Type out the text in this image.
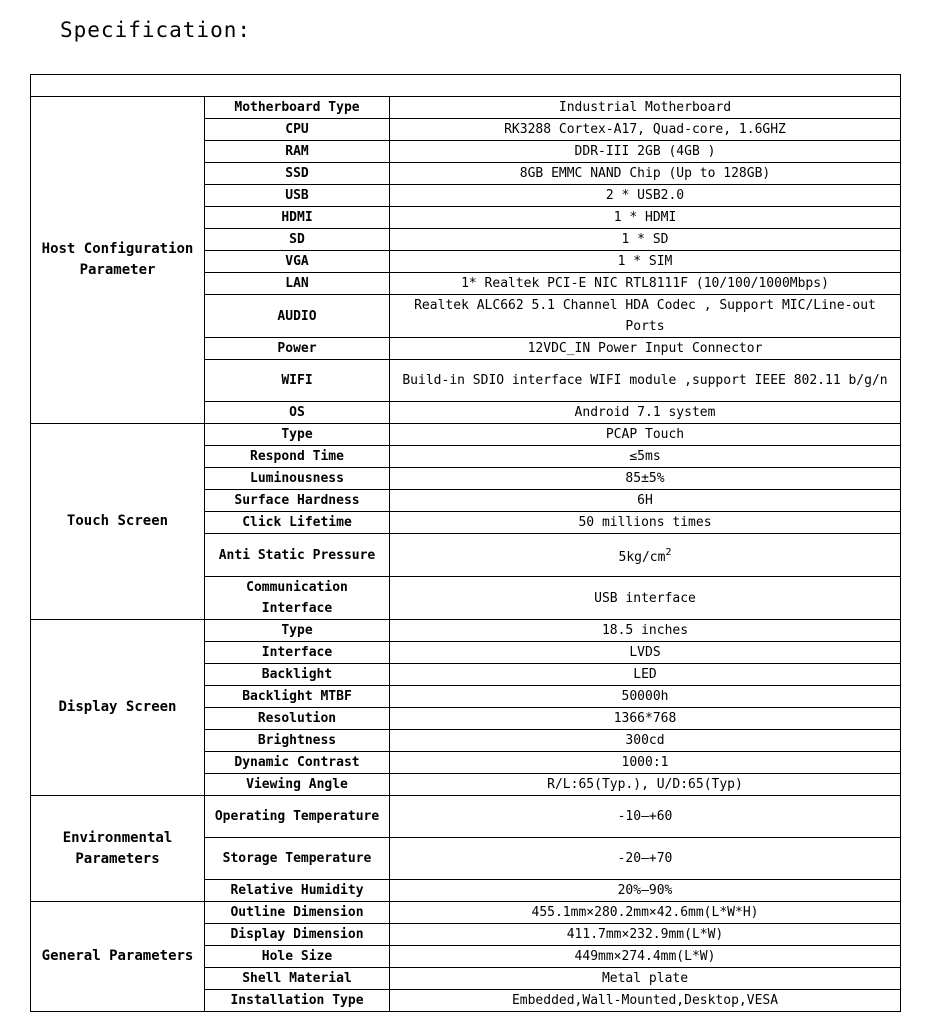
Specification:

Host Configuration Parameter	Motherboard Type	Industrial Motherboard
	CPU	RK3288 Cortex-A17, Quad-core, 1.6GHZ
	RAM	DDR-III 2GB (4GB )
	SSD	8GB EMMC NAND Chip (Up to 128GB)
	USB	2 * USB2.0
	HDMI	1 * HDMI
	SD	1 * SD
	VGA	1 * SIM
	LAN	1* Realtek PCI-E NIC RTL8111F (10/100/1000Mbps)
	AUDIO	Realtek ALC662 5.1 Channel HDA Codec , Support MIC/Line-out Ports
	Power	12VDC_IN Power Input Connector
	WIFI	Build-in SDIO interface WIFI module ,support IEEE 802.11 b/g/n
	OS	Android 7.1 system
Touch Screen	Type	PCAP Touch
	Respond Time	≤5ms
	Luminousness	85±5%
	Surface Hardness	6H
	Click Lifetime	50 millions times
	Anti Static Pressure	$5kg/cm^2$
	Communication Interface	USB interface
Display Screen	Type	18.5 inches
	Interface	LVDS
	Backlight	LED
	Backlight MTBF	50000h
	Resolution	1366*768
	Brightness	300cd
	Dynamic Contrast	1000:1
	Viewing Angle	R/L:65(Typ.), U/D:65(Typ)
Environmental Parameters	Operating Temperature	-10—+60
	Storage Temperature	-20—+70
	Relative Humidity	20%—90%
General Parameters	Outline Dimension	455.1mm×280.2mm×42.6mm(L*W*H)
	Display Dimension	411.7mm×232.9mm(L*W)
	Hole Size	449mm×274.4mm(L*W)
	Shell Material	Metal plate
	Installation Type	Embedded,Wall-Mounted,Desktop,VESA
